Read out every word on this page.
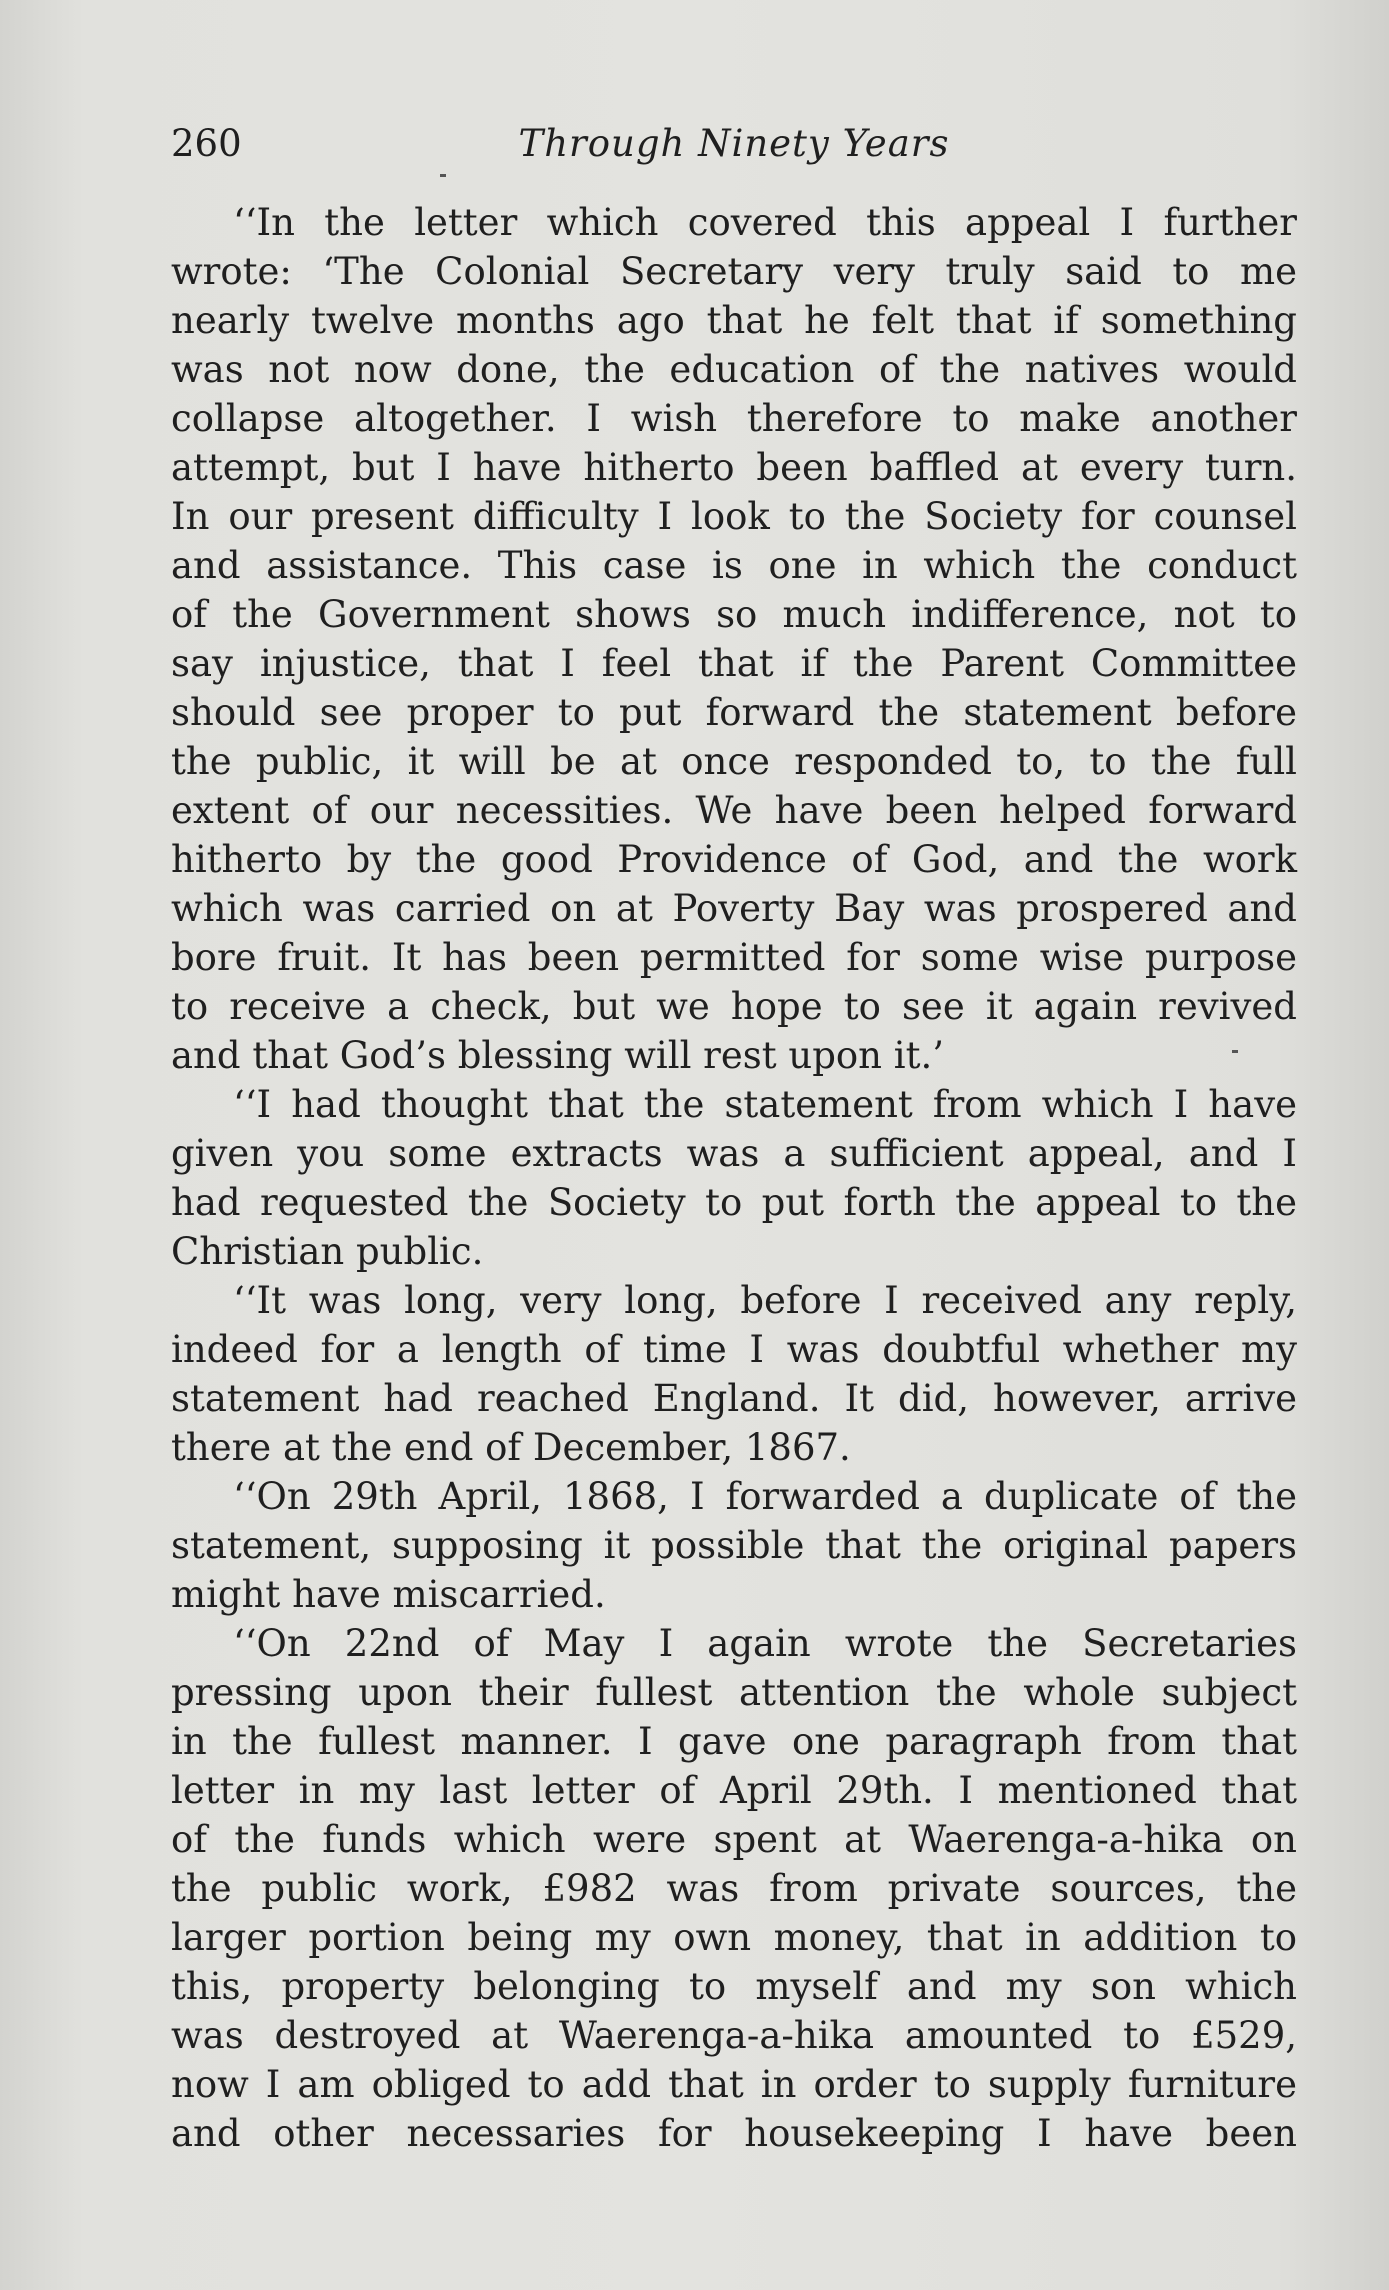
260	Through Ninety Years
‘‘In the letter which covered this appeal I further
wrote: ‘The Colonial Secretary very truly said to me
nearly twelve months ago that he felt that if something
was not now done, the education of the natives would
collapse altogether. I wish therefore to make another
attempt, but I have hitherto been baffled at every turn.
In our present difficulty I look to the Society for counsel
and assistance. This case is one in which the conduct
of the Government shows so much indifference, not to
say injustice, that I feel that if the Parent Committee
should see proper to put forward the statement before
the public, it will be at once responded to, to the full
extent of our necessities. We have been helped forward
hitherto by the good Providence of God, and the work
which was carried on at Poverty Bay was prospered and
bore fruit. It has been permitted for some wise purpose
to receive a check, but we hope to see it again revived
and that God’s blessing will rest upon it.’
‘‘I had thought that the statement from which I have
given you some extracts was a sufficient appeal, and I
had requested the Society to put forth the appeal to the
Christian public.
‘‘It was long, very long, before I received any reply,
indeed for a length of time I was doubtful whether my
statement had reached England. It did, however, arrive
there at the end of December, 1867.
‘‘On 29th April, 1868, I forwarded a duplicate of the
statement, supposing it possible that the original papers
might have miscarried.
‘‘On 22nd of May I again wrote the Secretaries
pressing upon their fullest attention the whole subject
in the fullest manner. I gave one paragraph from that
letter in my last letter of April 29th. I mentioned that
of the funds which were spent at Waerenga-a-hika on
the public work, £982 was from private sources, the
larger portion being my own money, that in addition to
this, property belonging to myself and my son which
was destroyed at Waerenga-a-hika amounted to £529,
now I am obliged to add that in order to supply furniture
and other necessaries for housekeeping I have been
